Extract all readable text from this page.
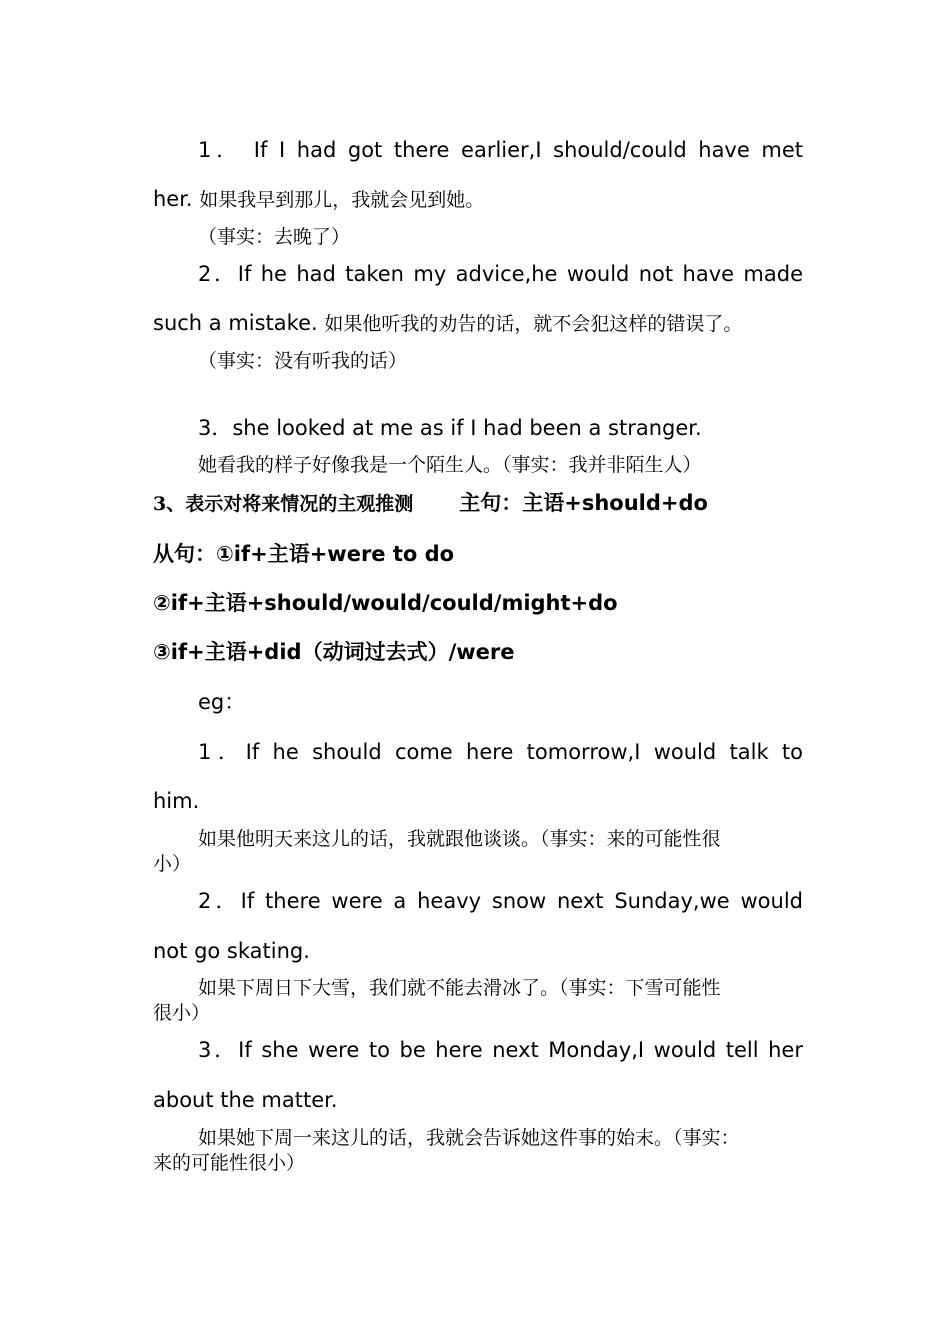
1． If I had got there earlier,I should/could have met
her. 如果我早到那儿，我就会见到她。
（事实：去晚了）
2．If he had taken my advice,he would not have made
such a mistake. 如果他听我的劝告的话，就不会犯这样的错误了。
（事实：没有听我的话）
3．she looked at me as if I had been a stranger.
她看我的样子好像我是一个陌生人。（事实：我并非陌生人）
3、表示对将来情况的主观推测 主句：主语+should+do
从句：①if+主语+were to do
②if+主语+should/would/could/might+do
③if+主语+did（动词过去式）/were
eg：
1．If he should come here tomorrow,I would talk to
him.
如果他明天来这儿的话，我就跟他谈谈。（事实：来的可能性很
小）
2．If there were a heavy snow next Sunday,we would
not go skating.
如果下周日下大雪，我们就不能去滑冰了。（事实：下雪可能性
很小）
3．If she were to be here next Monday,I would tell her
about the matter.
如果她下周一来这儿的话，我就会告诉她这件事的始末。（事实：
来的可能性很小）
